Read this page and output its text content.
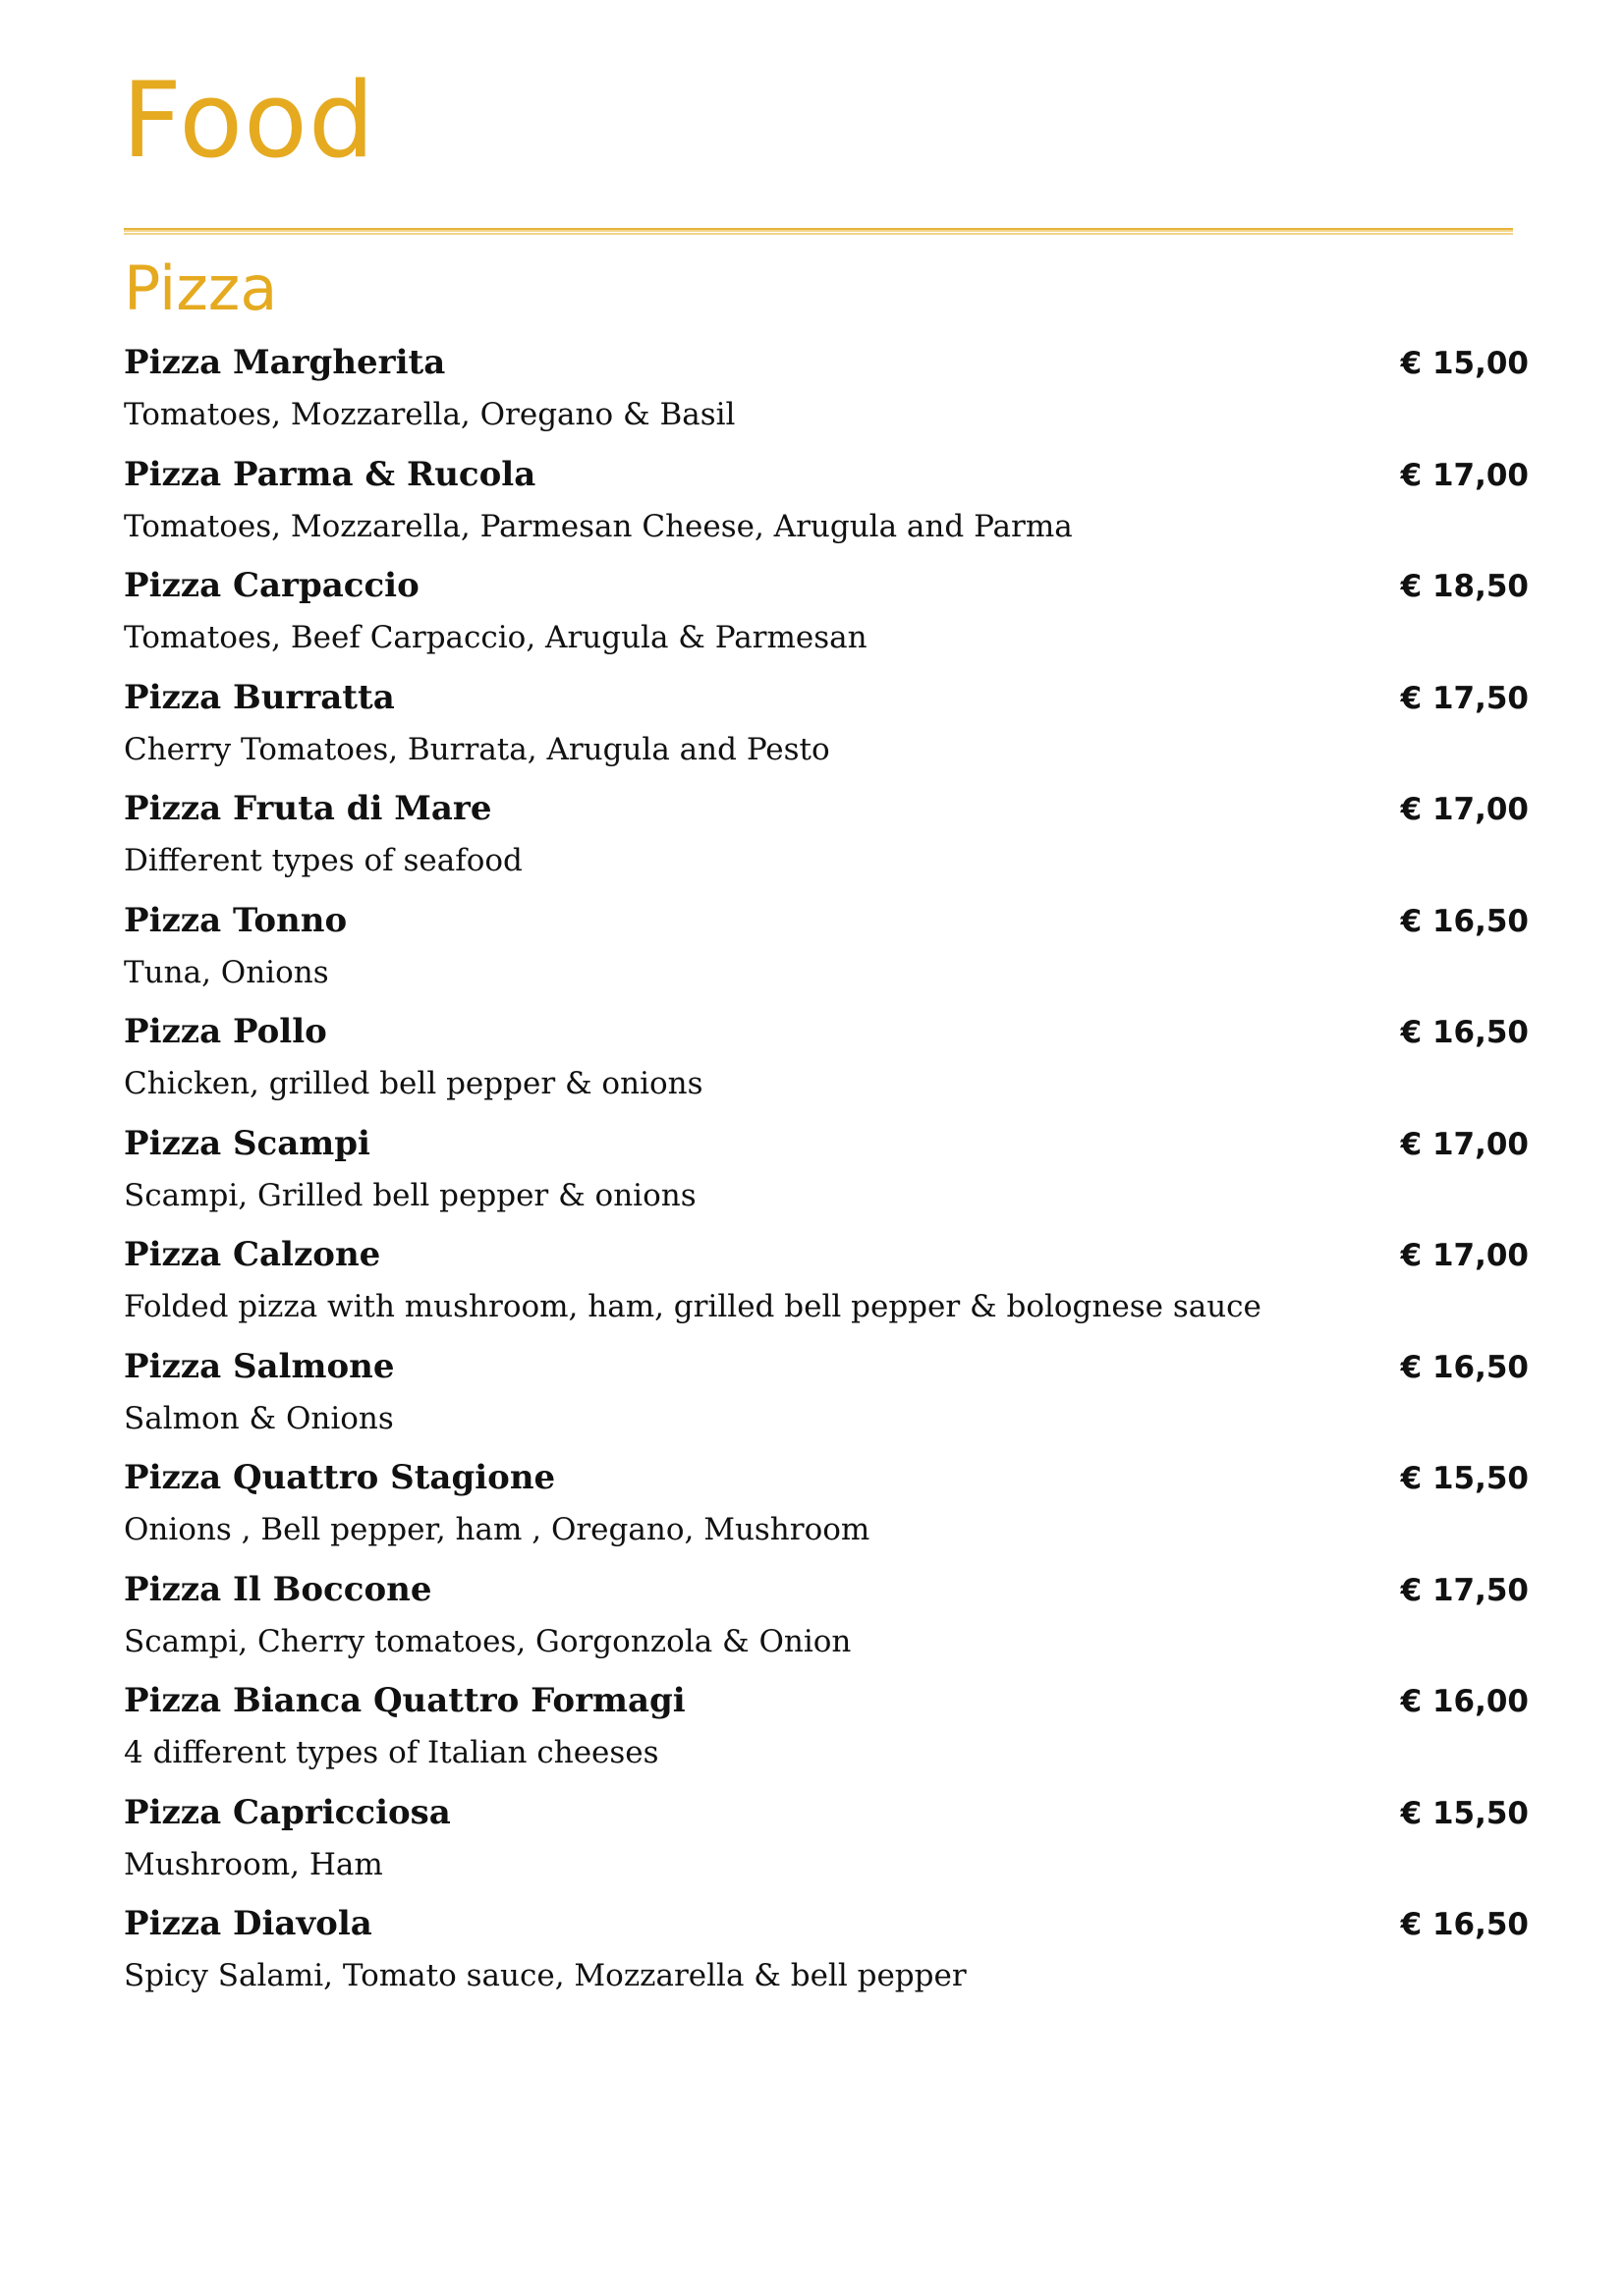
Food
Pizza
Pizza Margherita	€ 15,00
Tomatoes, Mozzarella, Oregano & Basil
Pizza Parma & Rucola	€ 17,00
Tomatoes, Mozzarella, Parmesan Cheese, Arugula and Parma
Pizza Carpaccio	€ 18,50
Tomatoes, Beef Carpaccio, Arugula & Parmesan
Pizza Burratta	€ 17,50
Cherry Tomatoes, Burrata, Arugula and Pesto
Pizza Fruta di Mare	€ 17,00
Different types of seafood
Pizza Tonno	€ 16,50
Tuna, Onions
Pizza Pollo	€ 16,50
Chicken, grilled bell pepper & onions
Pizza Scampi	€ 17,00
Scampi, Grilled bell pepper & onions
Pizza Calzone	€ 17,00
Folded pizza with mushroom, ham, grilled bell pepper & bolognese sauce
Pizza Salmone	€ 16,50
Salmon & Onions
Pizza Quattro Stagione	€ 15,50
Onions , Bell pepper, ham , Oregano, Mushroom
Pizza Il Boccone	€ 17,50
Scampi, Cherry tomatoes, Gorgonzola & Onion
Pizza Bianca Quattro Formagi	€ 16,00
4 different types of Italian cheeses
Pizza Capricciosa	€ 15,50
Mushroom, Ham
Pizza Diavola	€ 16,50
Spicy Salami, Tomato sauce, Mozzarella & bell pepper
